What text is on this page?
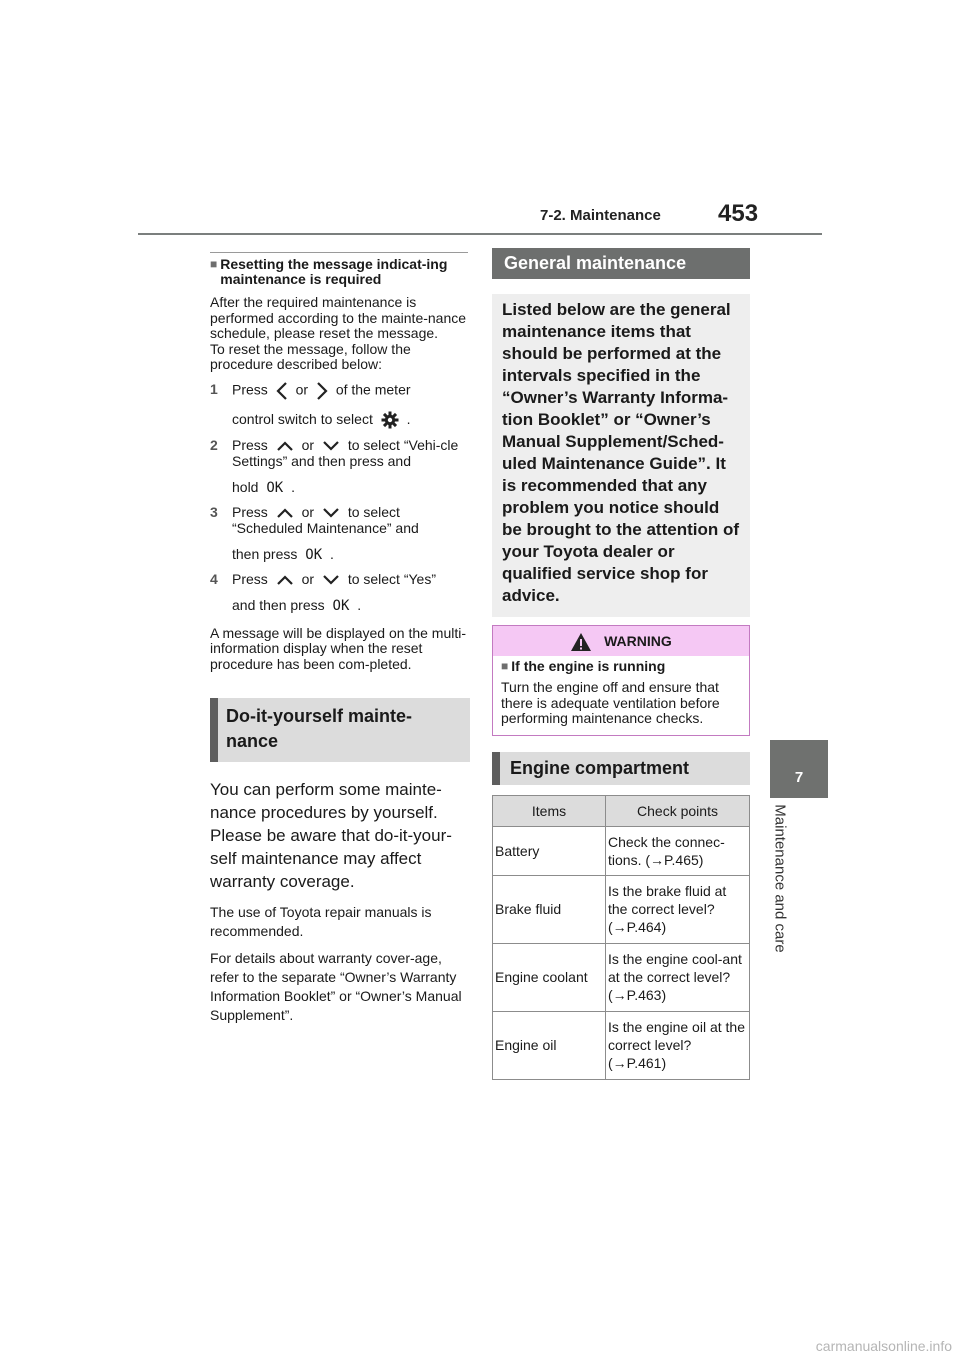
7-2. Maintenance 453
7
Maintenance and care
■ Resetting the message indicat-ing maintenance is required
After the required maintenance is performed according to the mainte-nance schedule, please reset the message.
To reset the message, follow the procedure described below:
1	Press or of the meter
control switch to select .
2	Press or to select “Vehi-cle Settings” and then press and
hold OK .
3	Press or to select “Scheduled Maintenance” and
then press OK .
4	Press or to select “Yes”
and then press OK .
A message will be displayed on the multi-information display when the reset procedure has been com-pleted.
Do-it-yourself mainte-nance
You can perform some mainte-nance procedures by yourself. Please be aware that do-it-your-self maintenance may affect warranty coverage.
The use of Toyota repair manuals is recommended.
For details about warranty cover-age, refer to the separate “Owner’s Warranty Information Booklet” or “Owner’s Manual Supplement”.
General maintenance
Listed below are the general maintenance items that should be performed at the intervals specified in the “Owner’s Warranty Informa-tion Booklet” or “Owner’s Manual Supplement/Sched-uled Maintenance Guide”. It is recommended that any problem you notice should be brought to the attention of your Toyota dealer or qualified service shop for advice.
WARNING
■ If the engine is running
Turn the engine off and ensure that there is adequate ventilation before performing maintenance checks.
Engine compartment
Items	Check points
Battery	Check the connec-tions. (→P.465)
Brake fluid	Is the brake fluid at the correct level? (→P.464)
Engine coolant	Is the engine cool-ant at the correct level? (→P.463)
Engine oil	Is the engine oil at the correct level? (→P.461)
carmanualsonline.info
